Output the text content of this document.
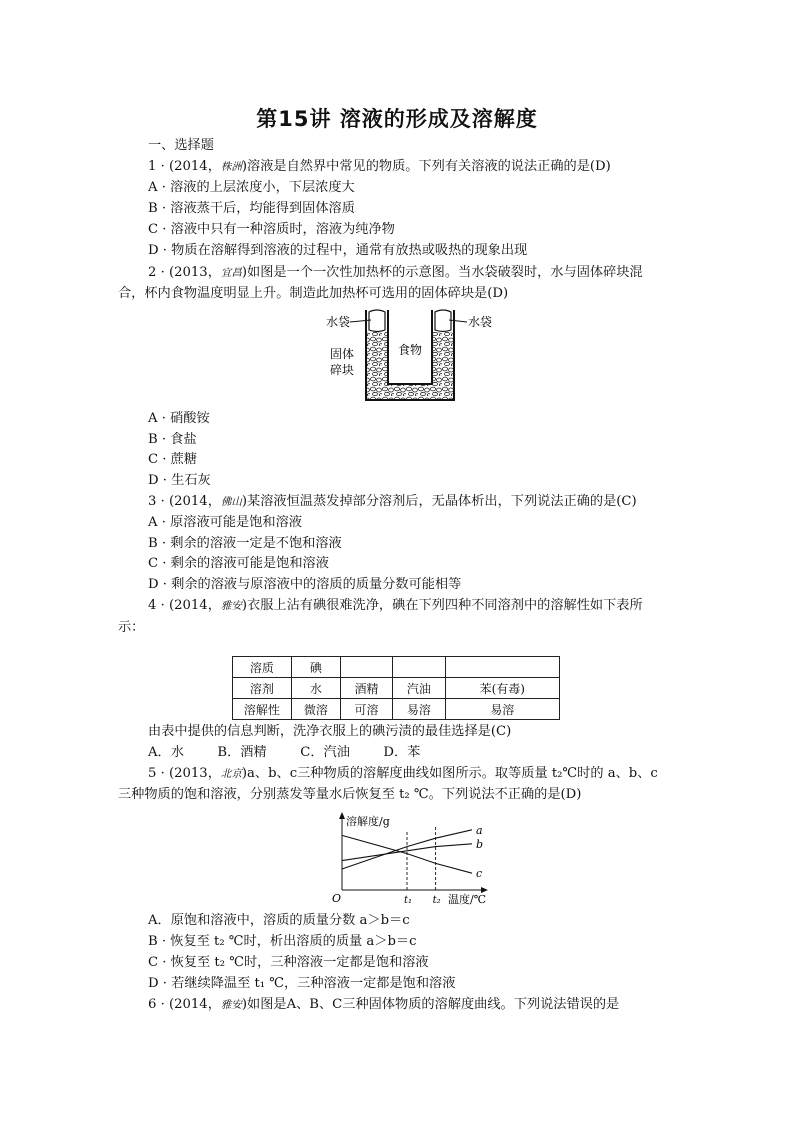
第15讲 溶液的形成及溶解度
一、选择题
1 · (2014，株洲)溶液是自然界中常见的物质。下列有关溶液的说法正确的是(D)
A · 溶液的上层浓度小，下层浓度大
B · 溶液蒸干后，均能得到固体溶质
C · 溶液中只有一种溶质时，溶液为纯净物
D · 物质在溶解得到溶液的过程中，通常有放热或吸热的现象出现
2 · (2013，宜昌)如图是一个一次性加热杯的示意图。当水袋破裂时，水与固体碎块混
合，杯内食物温度明显上升。制造此加热杯可选用的固体碎块是(D)
水袋	水袋
食物
固体
碎块
A · 硝酸铵
B · 食盐
C · 蔗糖
D · 生石灰
3 · (2014，佛山)某溶液恒温蒸发掉部分溶剂后，无晶体析出，下列说法正确的是(C)
A · 原溶液可能是饱和溶液
B · 剩余的溶液一定是不饱和溶液
C · 剩余的溶液可能是饱和溶液
D · 剩余的溶液与原溶液中的溶质的质量分数可能相等
4 · (2014，雅安)衣服上沾有碘很难洗净，碘在下列四种不同溶剂中的溶解性如下表所
示：
溶质	碘			
溶剂	水	酒精	汽油	苯(有毒)
溶解性	微溶	可溶	易溶	易溶
由表中提供的信息判断，洗净衣服上的碘污渍的最佳选择是(C)
A．水        B．酒精        C．汽油        D．苯
5 · (2013，北京)a、b、c三种物质的溶解度曲线如图所示。取等质量 t₂℃时的 a、b、c
三种物质的饱和溶液，分别蒸发等量水后恢复至 t₂ ℃。下列说法不正确的是(D)
溶解度/g
温度/℃
O	t₁ t₂
a
b
c
A．原饱和溶液中，溶质的质量分数 a＞b＝c
B · 恢复至 t₂ ℃时，析出溶质的质量 a＞b＝c
C · 恢复至 t₂ ℃时，三种溶液一定都是饱和溶液
D · 若继续降温至 t₁ ℃，三种溶液一定都是饱和溶液
6 · (2014，雅安)如图是A、B、C三种固体物质的溶解度曲线。下列说法错误的是
